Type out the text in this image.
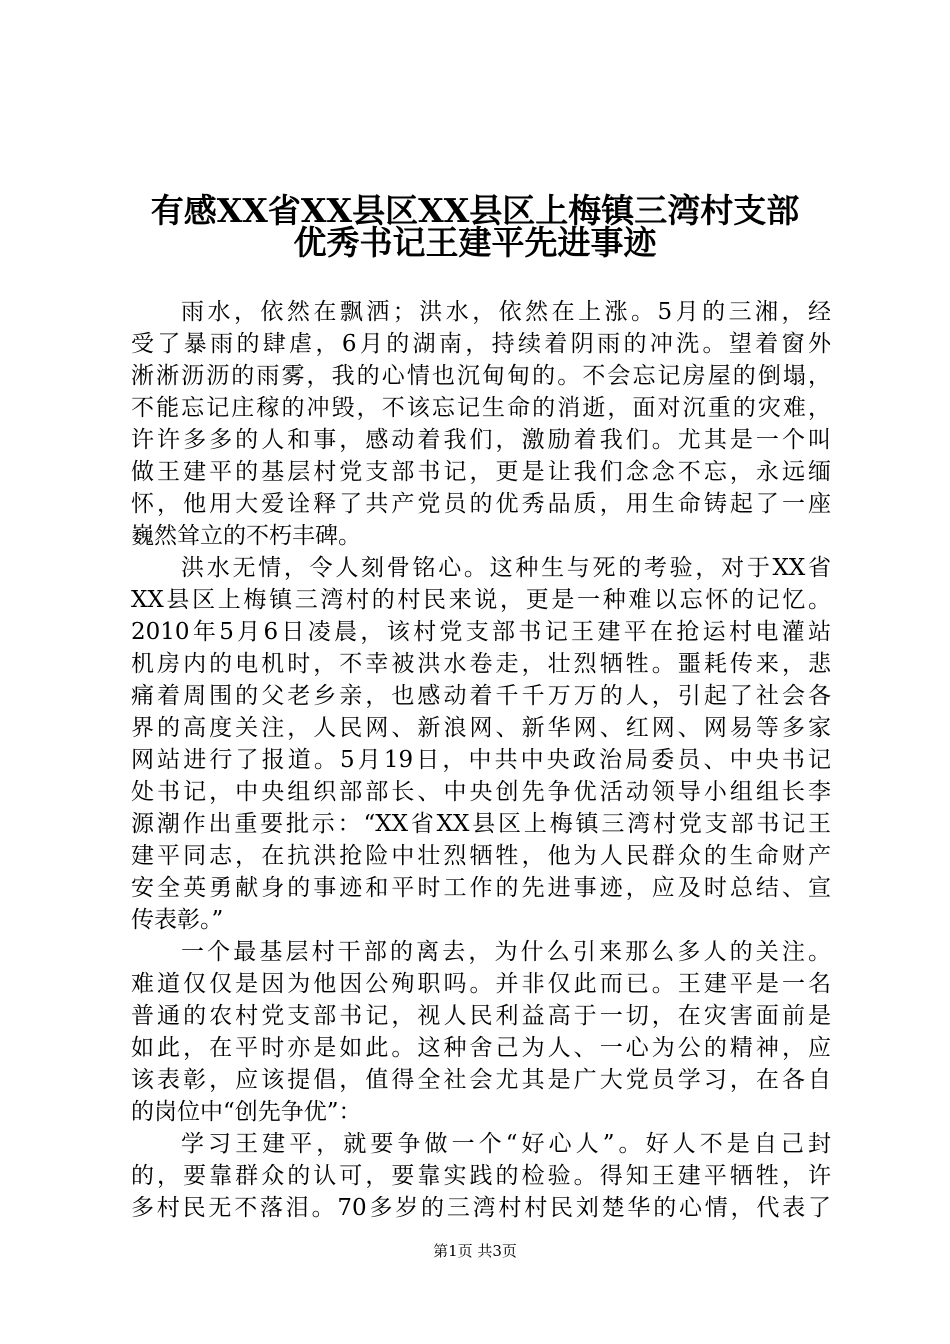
有感XX省XX县区XX县区上梅镇三湾村支部
优秀书记王建平先进事迹
雨水，依然在飘洒；洪水，依然在上涨。5月的三湘，经
受了暴雨的肆虐，6月的湖南，持续着阴雨的冲洗。望着窗外
淅淅沥沥的雨雾，我的心情也沉甸甸的。不会忘记房屋的倒塌，
不能忘记庄稼的冲毁，不该忘记生命的消逝，面对沉重的灾难，
许许多多的人和事，感动着我们，激励着我们。尤其是一个叫
做王建平的基层村党支部书记，更是让我们念念不忘，永远缅
怀，他用大爱诠释了共产党员的优秀品质，用生命铸起了一座
巍然耸立的不朽丰碑。
洪水无情，令人刻骨铭心。这种生与死的考验，对于XX省
XX县区上梅镇三湾村的村民来说，更是一种难以忘怀的记忆。
2010年5月6日凌晨，该村党支部书记王建平在抢运村电灌站
机房内的电机时，不幸被洪水卷走，壮烈牺牲。噩耗传来，悲
痛着周围的父老乡亲，也感动着千千万万的人，引起了社会各
界的高度关注，人民网、新浪网、新华网、红网、网易等多家
网站进行了报道。5月19日，中共中央政治局委员、中央书记
处书记，中央组织部部长、中央创先争优活动领导小组组长李
源潮作出重要批示：“XX省XX县区上梅镇三湾村党支部书记王
建平同志，在抗洪抢险中壮烈牺牲，他为人民群众的生命财产
安全英勇献身的事迹和平时工作的先进事迹，应及时总结、宣
传表彰。”
一个最基层村干部的离去，为什么引来那么多人的关注。
难道仅仅是因为他因公殉职吗。并非仅此而已。王建平是一名
普通的农村党支部书记，视人民利益高于一切，在灾害面前是
如此，在平时亦是如此。这种舍己为人、一心为公的精神，应
该表彰，应该提倡，值得全社会尤其是广大党员学习，在各自
的岗位中“创先争优”：
学习王建平，就要争做一个“好心人”。好人不是自己封
的，要靠群众的认可，要靠实践的检验。得知王建平牺牲，许
多村民无不落泪。70多岁的三湾村村民刘楚华的心情，代表了
第1页 共3页
